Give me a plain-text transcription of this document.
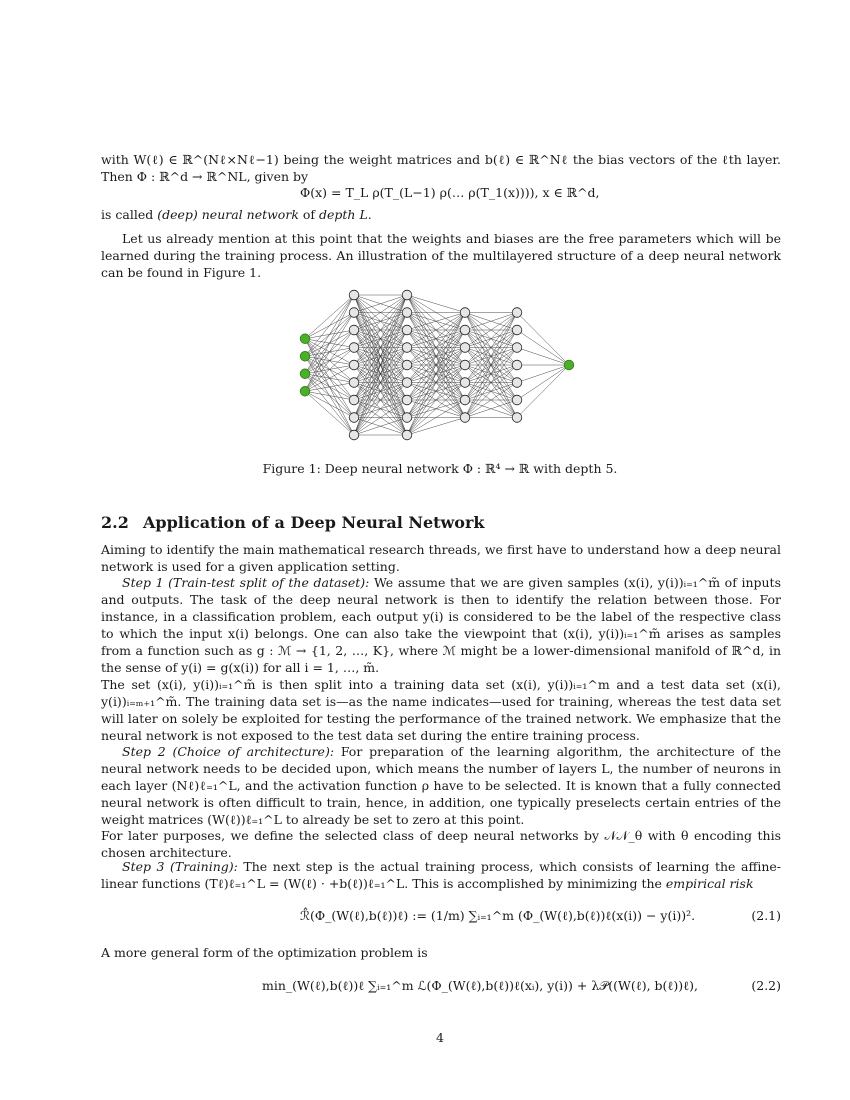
with W(ℓ) ∈ ℝ^(Nℓ×Nℓ−1) being the weight matrices and b(ℓ) ∈ ℝ^Nℓ the bias vectors of the ℓth layer. Then Φ : ℝ^d → ℝ^NL, given by
Φ(x) = T_L ρ(T_(L−1) ρ(… ρ(T_1(x)))), x ∈ ℝ^d,
is called (deep) neural network of depth L.
Let us already mention at this point that the weights and biases are the free parameters which will be learned during the training process. An illustration of the multilayered structure of a deep neural network can be found in Figure 1.
Figure 1: Deep neural network Φ : ℝ⁴ → ℝ with depth 5.
2.2 Application of a Deep Neural Network
Aiming to identify the main mathematical research threads, we first have to understand how a deep neural network is used for a given application setting.
Step 1 (Train-test split of the dataset): We assume that we are given samples (x(i), y(i))ᵢ₌₁^m̃ of inputs and outputs. The task of the deep neural network is then to identify the relation between those. For instance, in a classification problem, each output y(i) is considered to be the label of the respective class to which the input x(i) belongs. One can also take the viewpoint that (x(i), y(i))ᵢ₌₁^m̃ arises as samples from a function such as g : ℳ → {1, 2, …, K}, where ℳ might be a lower-dimensional manifold of ℝ^d, in the sense of y(i) = g(x(i)) for all i = 1, …, m̃.
The set (x(i), y(i))ᵢ₌₁^m̃ is then split into a training data set (x(i), y(i))ᵢ₌₁^m and a test data set (x(i), y(i))ᵢ₌ₘ₊₁^m̃. The training data set is—as the name indicates—used for training, whereas the test data set will later on solely be exploited for testing the performance of the trained network. We emphasize that the neural network is not exposed to the test data set during the entire training process.
Step 2 (Choice of architecture): For preparation of the learning algorithm, the architecture of the neural network needs to be decided upon, which means the number of layers L, the number of neurons in each layer (Nℓ)ℓ₌₁^L, and the activation function ρ have to be selected. It is known that a fully connected neural network is often difficult to train, hence, in addition, one typically preselects certain entries of the weight matrices (W(ℓ))ℓ₌₁^L to already be set to zero at this point.
For later purposes, we define the selected class of deep neural networks by 𝒩𝒩_θ with θ encoding this chosen architecture.
Step 3 (Training): The next step is the actual training process, which consists of learning the affine-linear functions (Tℓ)ℓ₌₁^L = (W(ℓ) · +b(ℓ))ℓ₌₁^L. This is accomplished by minimizing the empirical risk
ℛ̂(Φ_(W(ℓ),b(ℓ))ℓ) := (1/m) ∑ᵢ₌₁^m (Φ_(W(ℓ),b(ℓ))ℓ(x(i)) − y(i))².	(2.1)
A more general form of the optimization problem is
min_(W(ℓ),b(ℓ))ℓ ∑ᵢ₌₁^m ℒ(Φ_(W(ℓ),b(ℓ))ℓ(xᵢ), y(i)) + λ𝒫((W(ℓ), b(ℓ))ℓ),	(2.2)
4
